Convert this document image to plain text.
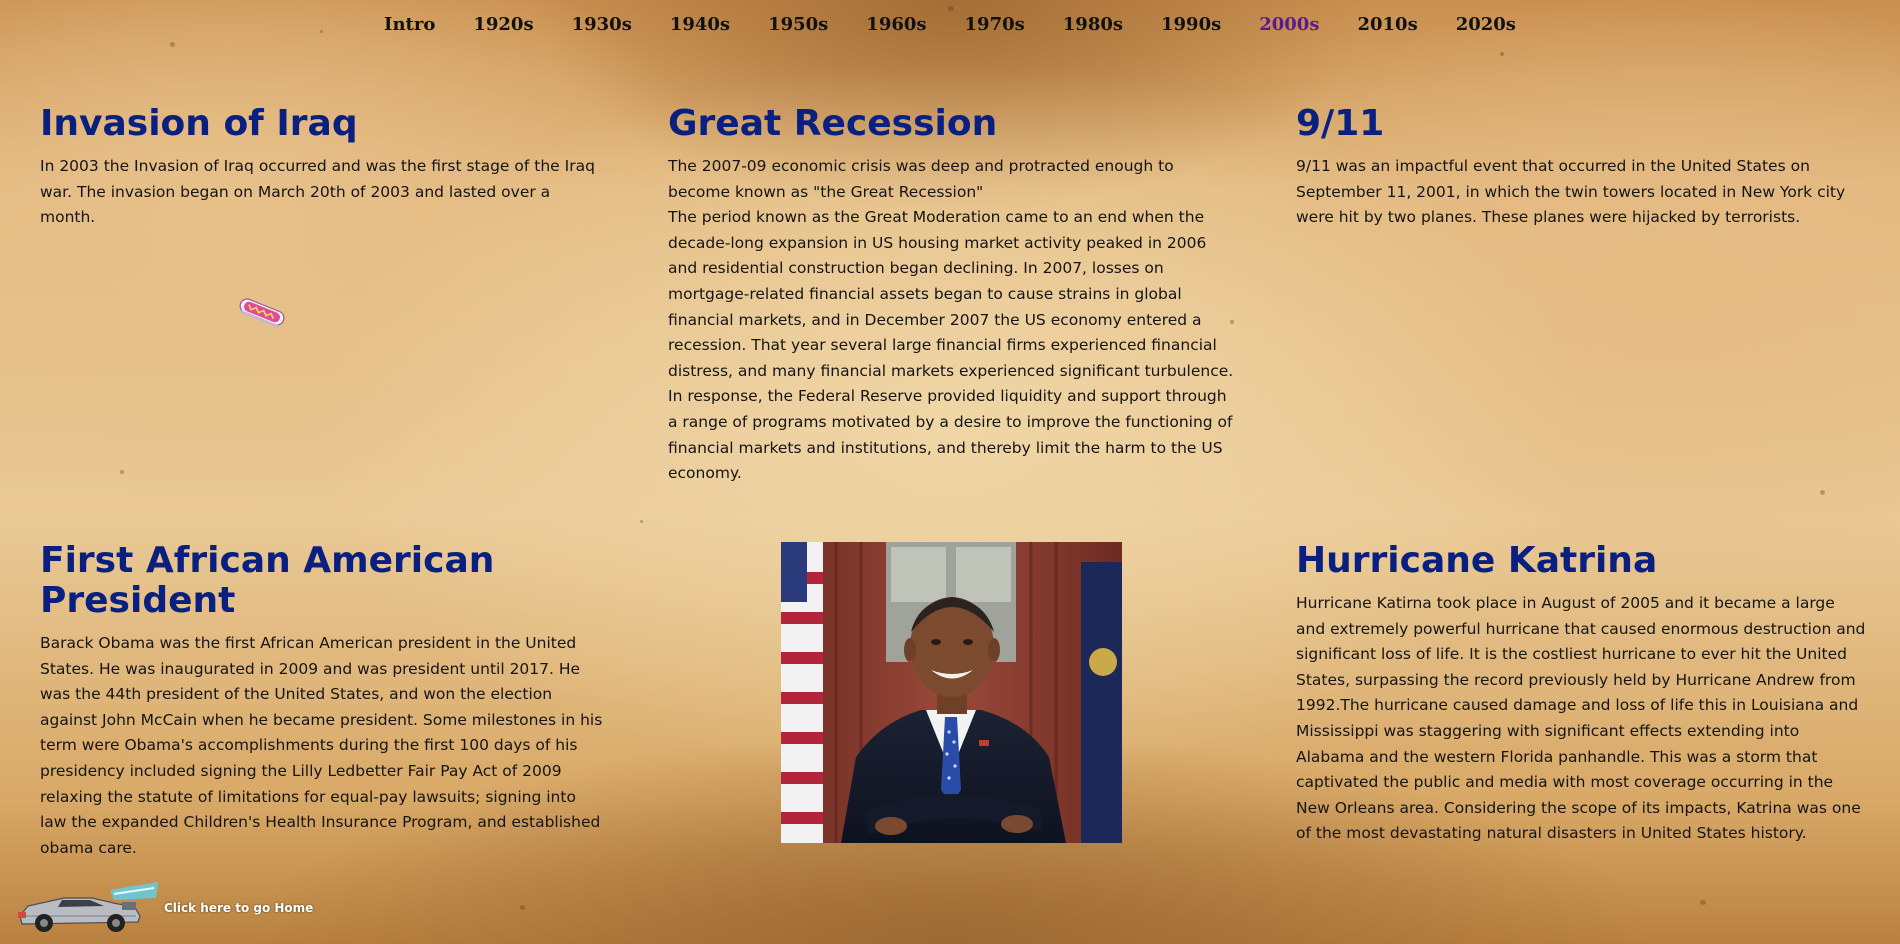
Intro 1920s 1930s 1940s 1950s 1960s 1970s 1980s 1990s 2000s 2010s 2020s
Invasion of Iraq

In 2003 the Invasion of Iraq occurred and was the first stage of the Iraq war. The invasion began on March 20th of 2003 and lasted over a month.

Great Recession

The 2007-09 economic crisis was deep and protracted enough to become known as "the Great Recession"

The period known as the Great Moderation came to an end when the decade-long expansion in US housing market activity peaked in 2006 and residential construction began declining. In 2007, losses on mortgage-related financial assets began to cause strains in global financial markets, and in December 2007 the US economy entered a recession. That year several large financial firms experienced financial distress, and many financial markets experienced significant turbulence. In response, the Federal Reserve provided liquidity and support through a range of programs motivated by a desire to improve the functioning of financial markets and institutions, and thereby limit the harm to the US economy.

9/11

9/11 was an impactful event that occurred in the United States on September 11, 2001, in which the twin towers located in New York city were hit by two planes. These planes were hijacked by terrorists.

First African American President

Barack Obama was the first African American president in the United States. He was inaugurated in 2009 and was president until 2017. He was the 44th president of the United States, and won the election against John McCain when he became president. Some milestones in his term were Obama's accomplishments during the first 100 days of his presidency included signing the Lilly Ledbetter Fair Pay Act of 2009 relaxing the statute of limitations for equal-pay lawsuits; signing into law the expanded Children's Health Insurance Program, and established obama care.

Hurricane Katrina

Hurricane Katirna took place in August of 2005 and it became a large and extremely powerful hurricane that caused enormous destruction and significant loss of life. It is the costliest hurricane to ever hit the United States, surpassing the record previously held by Hurricane Andrew from 1992.The hurricane caused damage and loss of life this in Louisiana and Mississippi was staggering with significant effects extending into Alabama and the western Florida panhandle. This was a storm that captivated the public and media with most coverage occurring in the New Orleans area. Considering the scope of its impacts, Katrina was one of the most devastating natural disasters in United States history.

Click here to go Home
